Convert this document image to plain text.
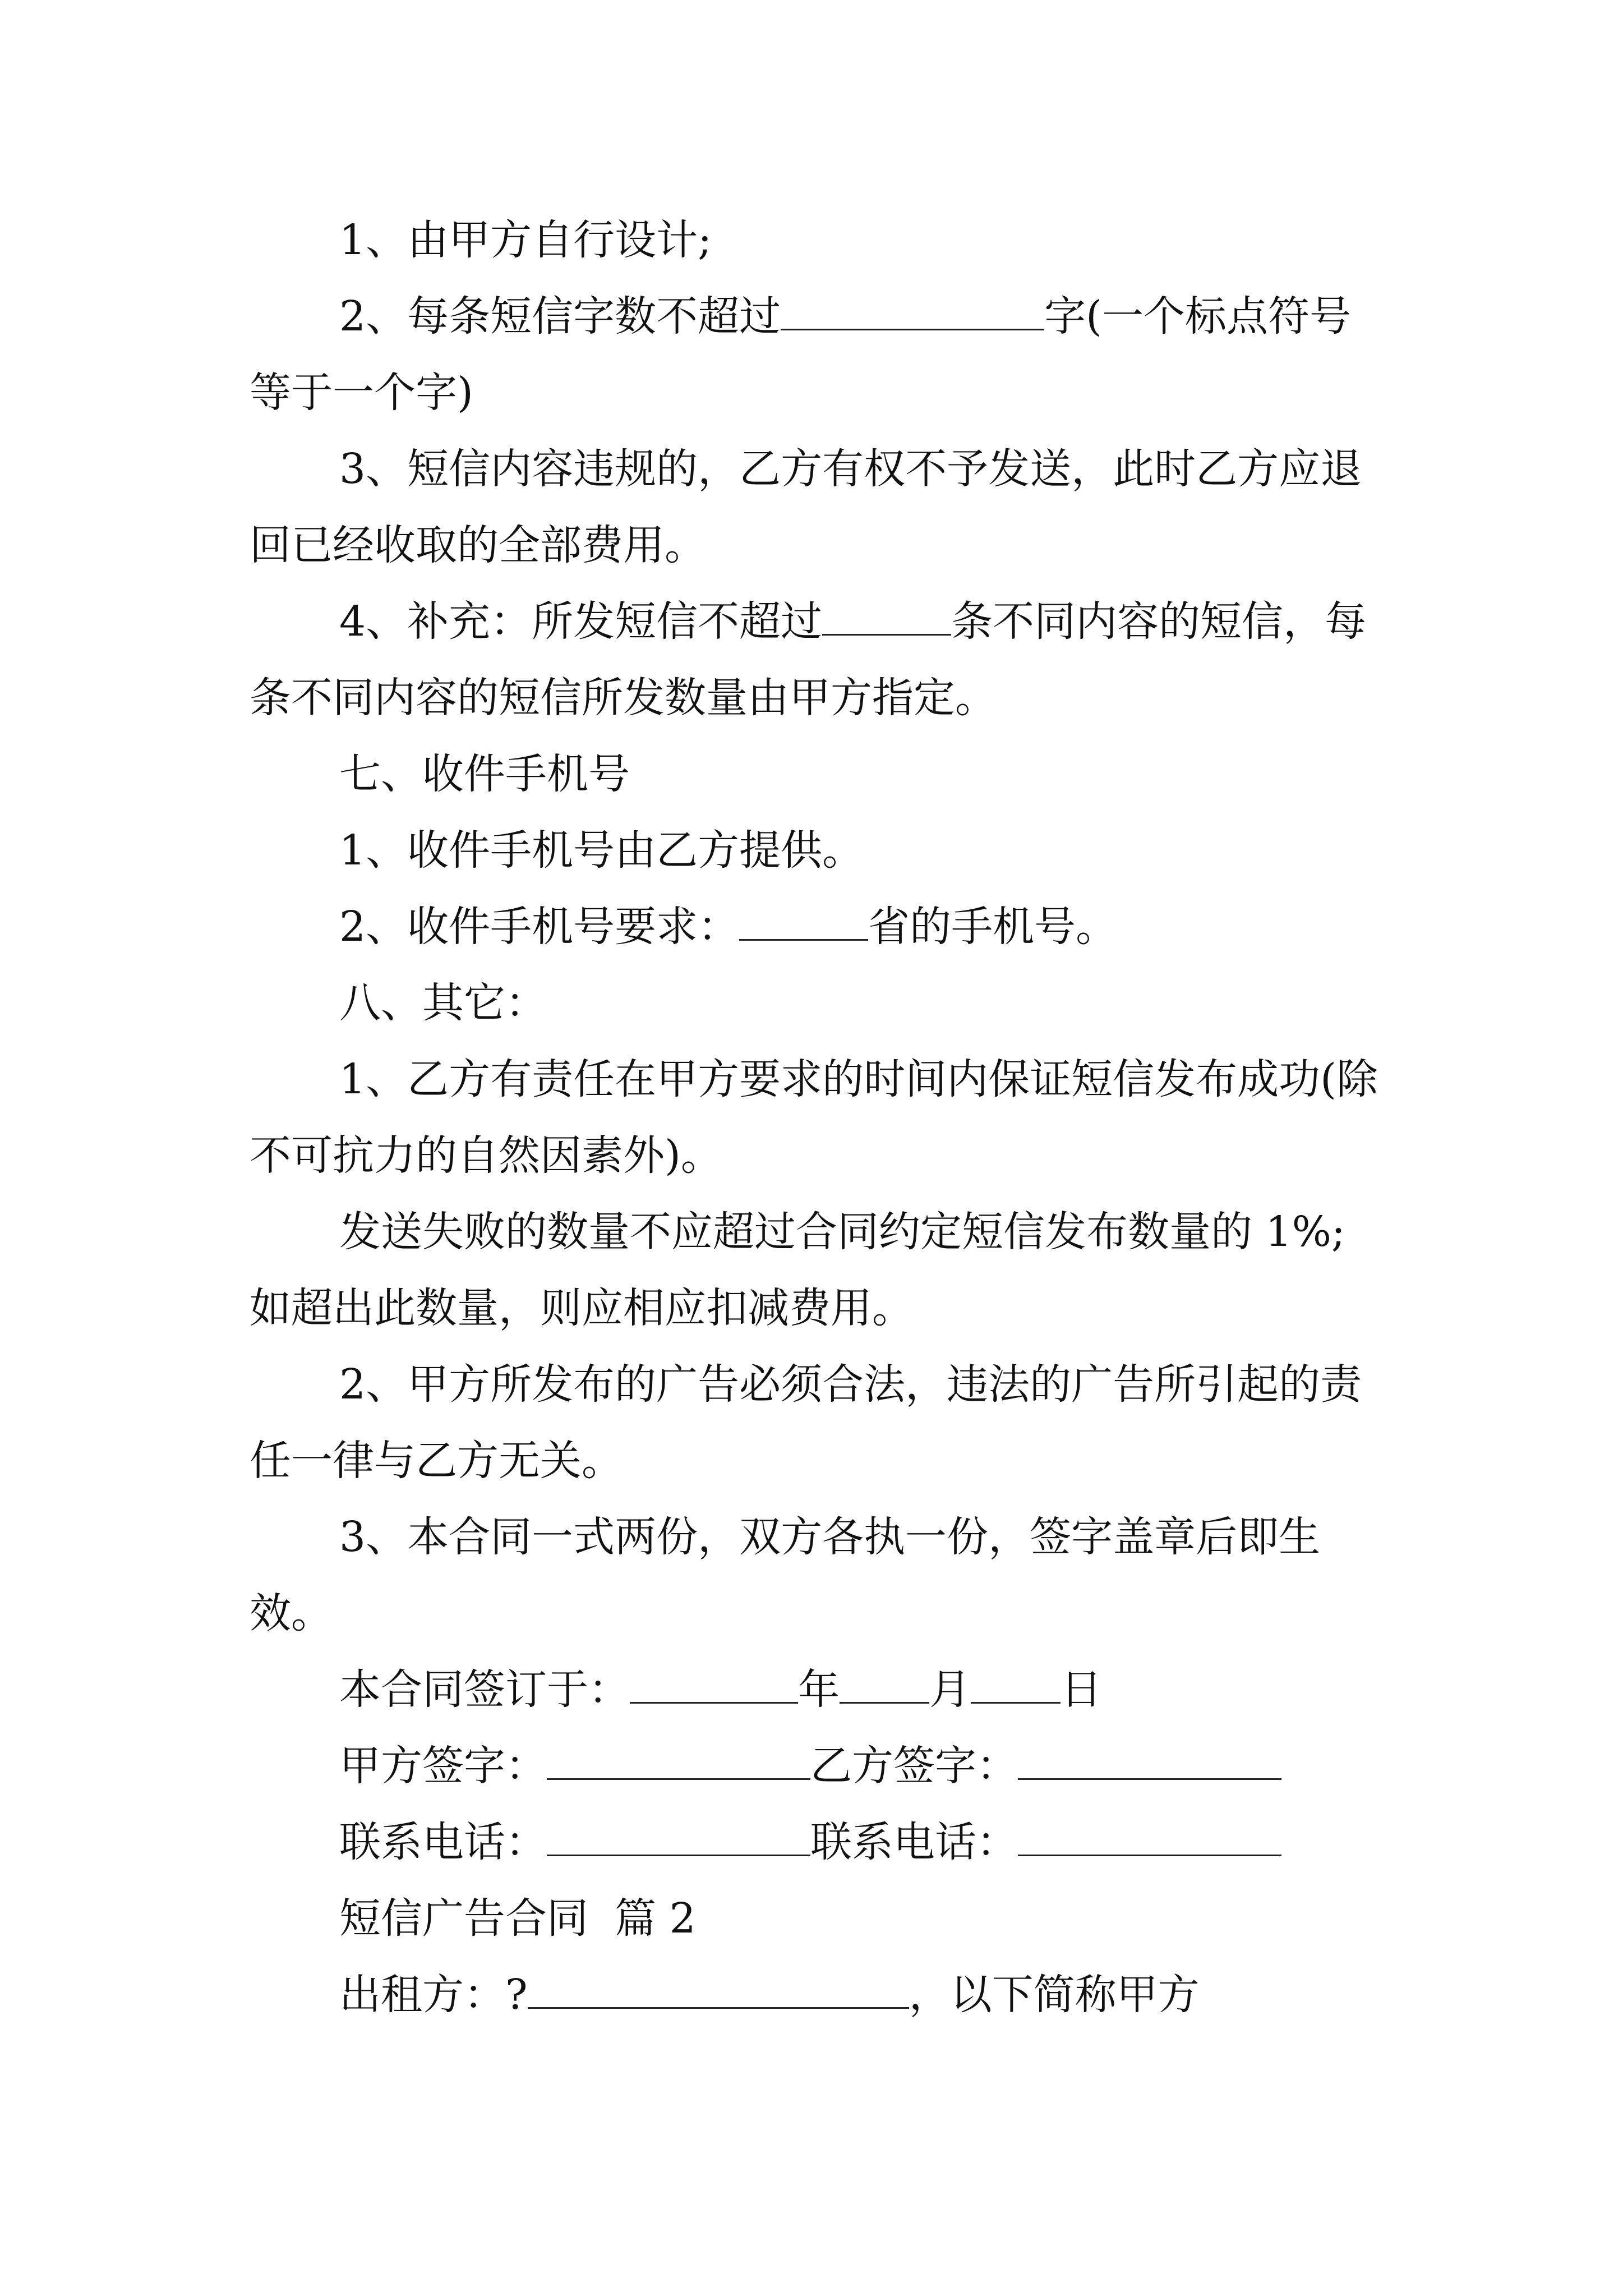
1、由甲方自行设计;

2、每条短信字数不超过	字(一个标点符号等于一个字)

3、短信内容违规的，乙方有权不予发送，此时乙方应退回已经收取的全部费用。

4、补充：所发短信不超过	条不同内容的短信，每条不同内容的短信所发数量由甲方指定。

七、收件手机号

1、收件手机号由乙方提供。

2、收件手机号要求：	省的手机号。

八、其它：

1、乙方有责任在甲方要求的时间内保证短信发布成功(除不可抗力的自然因素外)。

发送失败的数量不应超过合同约定短信发布数量的 1%;如超出此数量，则应相应扣减费用。

2、甲方所发布的广告必须合法，违法的广告所引起的责任一律与乙方无关。

3、本合同一式两份，双方各执一份，签字盖章后即生效。

本合同签订于：	年 月 日

甲方签字：	乙方签字：

联系电话：	联系电话：

短信广告合同  篇 2

出租方：?	，以下简称甲方
